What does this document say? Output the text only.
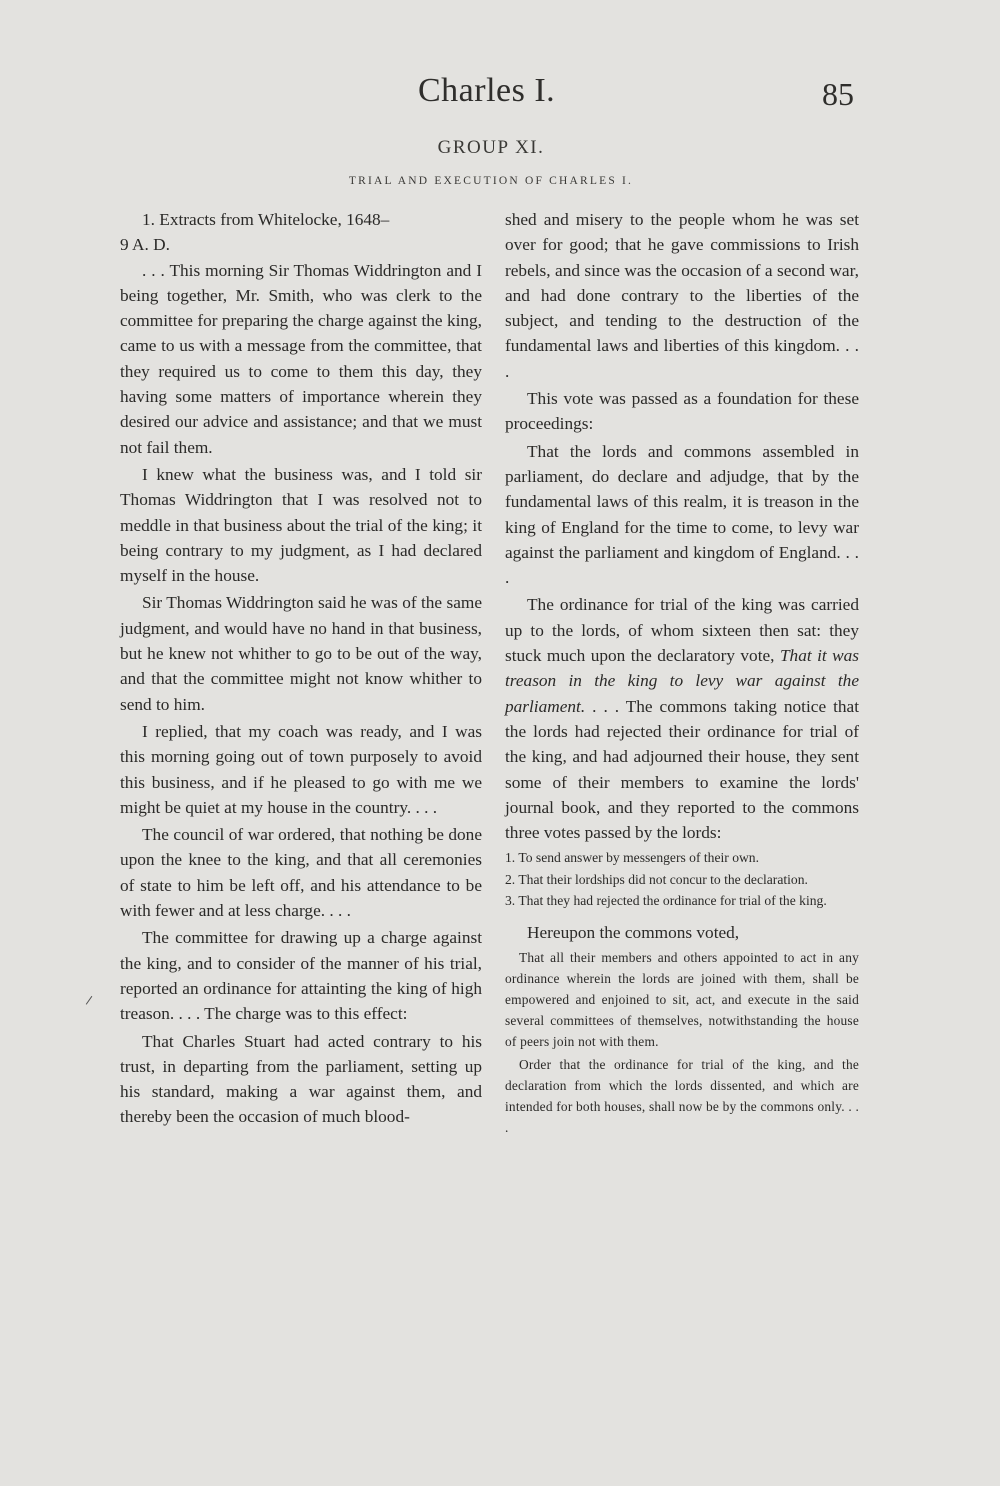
Charles I.	85
GROUP XI.
TRIAL AND EXECUTION OF CHARLES I.

1. Extracts from Whitelocke, 1648–

9 A. D.

. . . This morning Sir Thomas Widdrington and I being together, Mr. Smith, who was clerk to the committee for preparing the charge against the king, came to us with a message from the committee, that they required us to come to them this day, they having some matters of importance wherein they desired our advice and assistance; and that we must not fail them.

I knew what the business was, and I told sir Thomas Widdrington that I was resolved not to meddle in that business about the trial of the king; it being contrary to my judgment, as I had declared myself in the house.

Sir Thomas Widdrington said he was of the same judgment, and would have no hand in that business, but he knew not whither to go to be out of the way, and that the committee might not know whither to send to him.

I replied, that my coach was ready, and I was this morning going out of town purposely to avoid this business, and if he pleased to go with me we might be quiet at my house in the country. . . .

The council of war ordered, that nothing be done upon the knee to the king, and that all ceremonies of state to him be left off, and his attendance to be with fewer and at less charge. . . .

The committee for drawing up a charge against the king, and to consider of the manner of his trial, reported an ordinance for attainting the king of high treason. . . . The charge was to this effect:

That Charles Stuart had acted contrary to his trust, in departing from the parliament, setting up his standard, making a war against them, and thereby been the occasion of much blood-

shed and misery to the people whom he was set over for good; that he gave commissions to Irish rebels, and since was the occasion of a second war, and had done contrary to the liberties of the subject, and tending to the destruction of the fundamental laws and liberties of this kingdom. . . .

This vote was passed as a foundation for these proceedings:

That the lords and commons assembled in parliament, do declare and adjudge, that by the fundamental laws of this realm, it is treason in the king of England for the time to come, to levy war against the parliament and kingdom of England. . . .

The ordinance for trial of the king was carried up to the lords, of whom sixteen then sat: they stuck much upon the declaratory vote, That it was treason in the king to levy war against the parliament. . . . The commons taking notice that the lords had rejected their ordinance for trial of the king, and had adjourned their house, they sent some of their members to examine the lords' journal book, and they reported to the commons three votes passed by the lords:

1. To send answer by messengers of their own.

2. That their lordships did not concur to the declaration.

3. That they had rejected the ordinance for trial of the king.

Hereupon the commons voted,

That all their members and others appointed to act in any ordinance wherein the lords are joined with them, shall be empowered and enjoined to sit, act, and execute in the said several committees of themselves, notwithstanding the house of peers join not with them.

Order that the ordinance for trial of the king, and the declaration from which the lords dissented, and which are intended for both houses, shall now be by the commons only. . . .
